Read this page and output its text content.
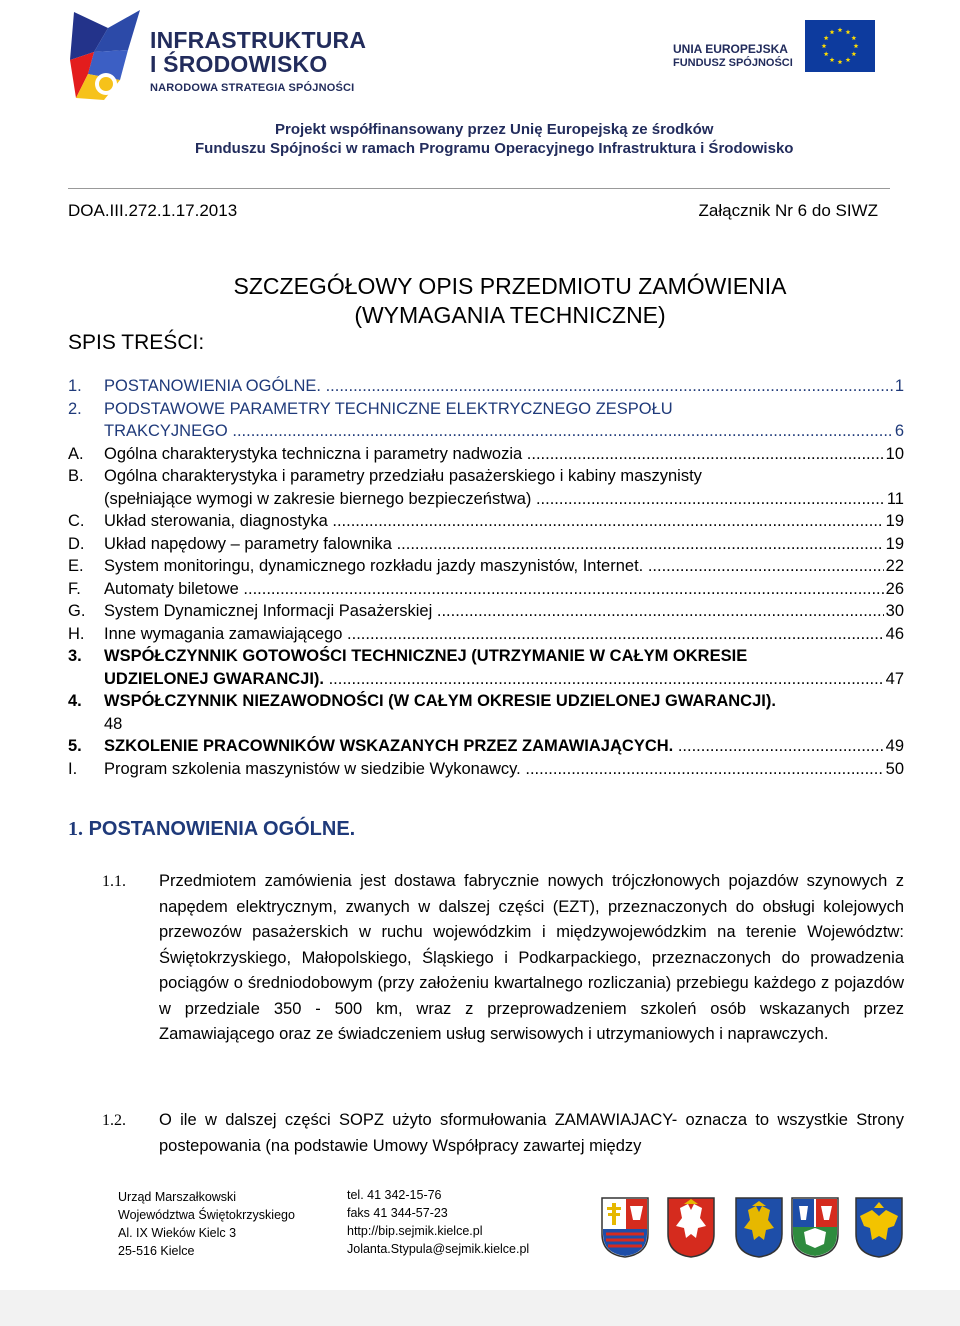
INFRASTRUKTURA
I ŚRODOWISKO
NARODOWA STRATEGIA SPÓJNOŚCI
UNIA EUROPEJSKA
FUNDUSZ SPÓJNOŚCI
Projekt współfinansowany przez Unię Europejską ze środków
Funduszu Spójności w ramach Programu Operacyjnego Infrastruktura i Środowisko
DOA.III.272.1.17.2013	Załącznik Nr 6 do SIWZ
SZCZEGÓŁOWY OPIS PRZEDMIOTU ZAMÓWIENIA
(WYMAGANIA TECHNICZNE)
SPIS TREŚCI:
1.	POSTANOWIENIA OGÓLNE. .....	1
2.	PODSTAWOWE PARAMETRY TECHNICZNE ELEKTRYCZNEGO ZESPOŁU
TRAKCYJNEGO .....	6
A.	Ogólna charakterystyka techniczna i parametry nadwozia .....	10
B.	Ogólna charakterystyka i parametry przedziału pasażerskiego i kabiny maszynisty
(spełniające wymogi w zakresie biernego bezpieczeństwa) .....	11
C.	Układ sterowania, diagnostyka .....	19
D.	Układ napędowy – parametry falownika .....	19
E.	System monitoringu, dynamicznego rozkładu jazdy maszynistów, Internet. .....	22
F.	Automaty biletowe .....	26
G.	System Dynamicznej Informacji Pasażerskiej .....	30
H.	Inne wymagania zamawiającego .....	46
3.	WSPÓŁCZYNNIK GOTOWOŚCI TECHNICZNEJ (UTRZYMANIE W CAŁYM OKRESIE
UDZIELONEJ GWARANCJI). .....	47
4.	WSPÓŁCZYNNIK NIEZAWODNOŚCI (W CAŁYM OKRESIE UDZIELONEJ GWARANCJI).
48
5.	SZKOLENIE PRACOWNIKÓW WSKAZANYCH PRZEZ ZAMAWIAJĄCYCH. .....	49
I.	Program szkolenia maszynistów w siedzibie Wykonawcy. .....	50
1. POSTANOWIENIA OGÓLNE.
1.1. Przedmiotem zamówienia jest dostawa fabrycznie nowych trójczłonowych pojazdów szynowych z napędem elektrycznym, zwanych w dalszej części (EZT), przeznaczonych do obsługi kolejowych przewozów pasażerskich w ruchu wojewódzkim i międzywojewódzkim na terenie Województw: Świętokrzyskiego, Małopolskiego, Śląskiego i Podkarpackiego, przeznaczonych do prowadzenia pociągów o średniodobowym (przy założeniu kwartalnego rozliczania) przebiegu każdego z pojazdów w przedziale 350 - 500 km, wraz z przeprowadzeniem szkoleń osób wskazanych przez Zamawiającego oraz ze świadczeniem usług serwisowych i utrzymaniowych i naprawczych.
1.2. O ile w dalszej części SOPZ użyto sformułowania ZAMAWIAJACY- oznacza to wszystkie Strony postepowania (na podstawie Umowy Współpracy zawartej między
Urząd Marszałkowski
Województwa Świętokrzyskiego
Al. IX Wieków Kielc 3
25-516 Kielce
tel. 41 342-15-76
faks 41 344-57-23
http://bip.sejmik.kielce.pl
Jolanta.Stypula@sejmik.kielce.pl
